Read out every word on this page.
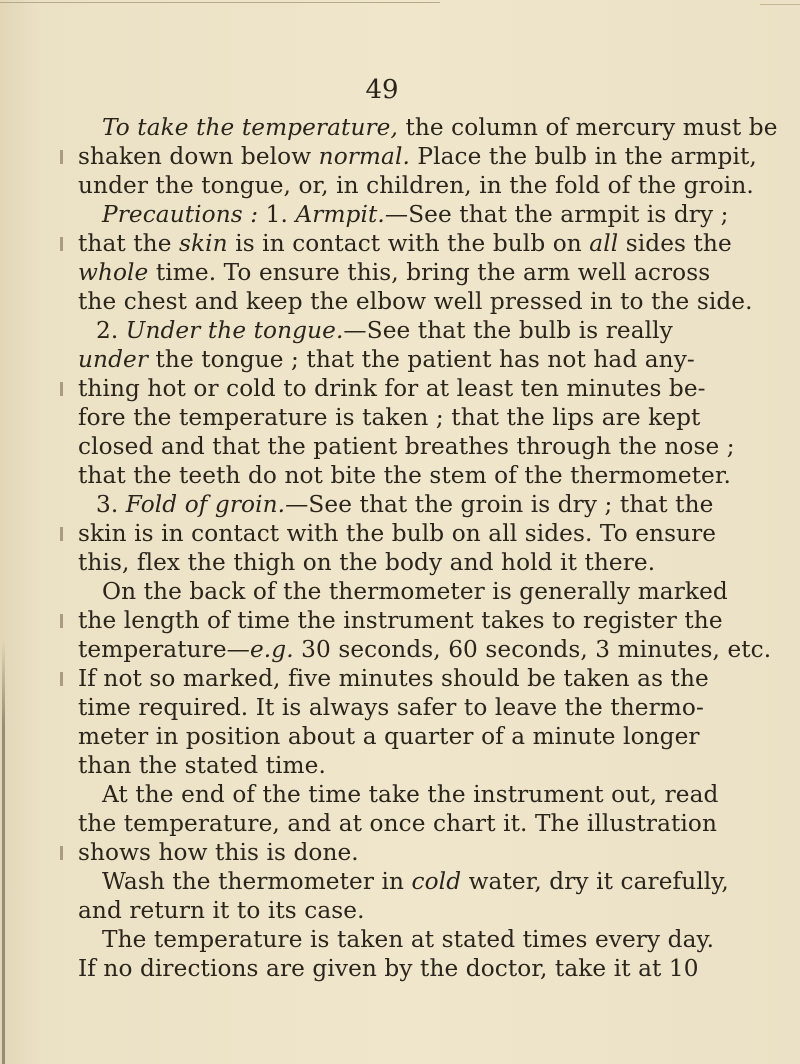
49
To take the temperature, the column of mercury must be
shaken down below normal. Place the bulb in the armpit,
under the tongue, or, in children, in the fold of the groin.
Precautions : 1. Armpit.—See that the armpit is dry ;
that the skin is in contact with the bulb on all sides the
whole time. To ensure this, bring the arm well across
the chest and keep the elbow well pressed in to the side.
2. Under the tongue.—See that the bulb is really
under the tongue ; that the patient has not had any-
thing hot or cold to drink for at least ten minutes be-
fore the temperature is taken ; that the lips are kept
closed and that the patient breathes through the nose ;
that the teeth do not bite the stem of the thermometer.
3. Fold of groin.—See that the groin is dry ; that the
skin is in contact with the bulb on all sides. To ensure
this, flex the thigh on the body and hold it there.
On the back of the thermometer is generally marked
the length of time the instrument takes to register the
temperature—e.g. 30 seconds, 60 seconds, 3 minutes, etc.
If not so marked, five minutes should be taken as the
time required. It is always safer to leave the thermo-
meter in position about a quarter of a minute longer
than the stated time.
At the end of the time take the instrument out, read
the temperature, and at once chart it. The illustration
shows how this is done.
Wash the thermometer in cold water, dry it carefully,
and return it to its case.
The temperature is taken at stated times every day.
If no directions are given by the doctor, take it at 10
